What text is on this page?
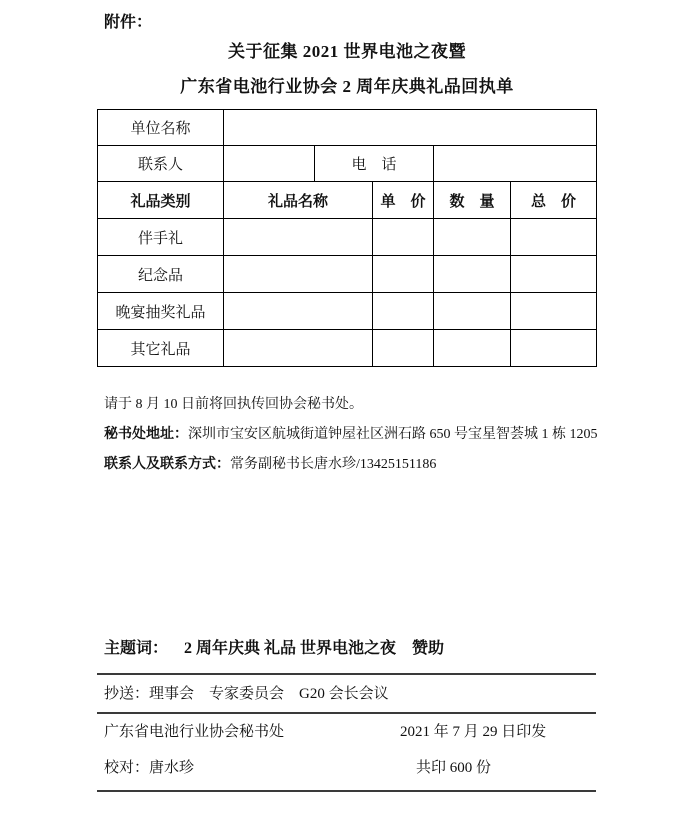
附件：
关于征集 2021 世界电池之夜暨
广东省电池行业协会 2 周年庆典礼品回执单
单位名称					
联系人		电　话			
礼品类别	礼品名称		单　价	数　量	总　价
伴手礼					
纪念品					
晚宴抽奖礼品					
其它礼品					
请于 8 月 10 日前将回执传回协会秘书处。
秘书处地址：深圳市宝安区航城街道钟屋社区洲石路 650 号宝星智荟城 1 栋 1205
联系人及联系方式：常务副秘书长唐水珍/13425151186
主题词： 2 周年庆典 礼品 世界电池之夜　赞助
抄送：理事会　专家委员会　G20 会长会议
广东省电池行业协会秘书处	2021 年 7 月 29 日印发
校对：唐水珍	共印 600 份
